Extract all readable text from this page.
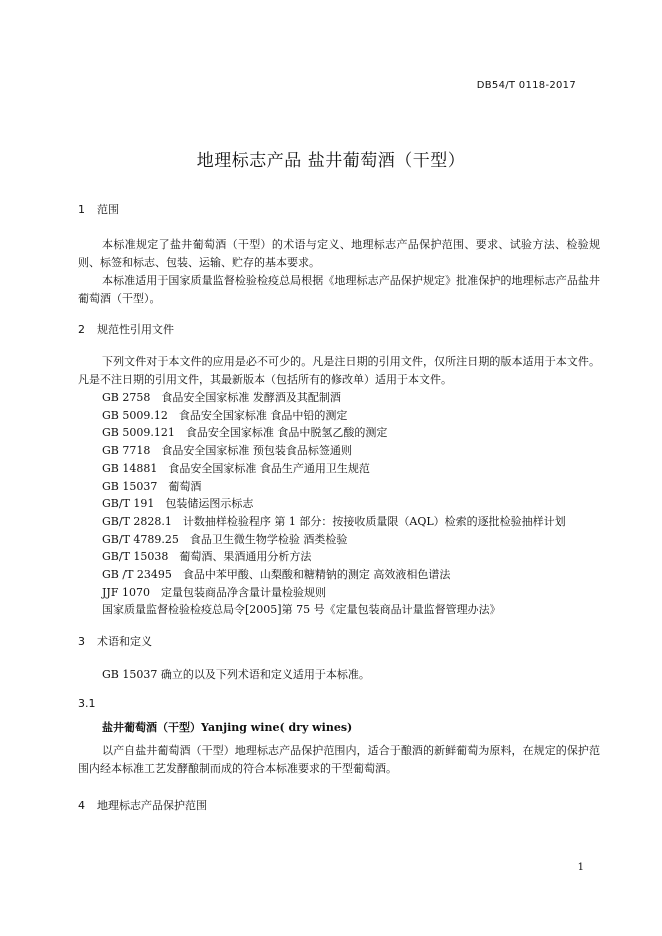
DB54/T 0118-2017
地理标志产品 盐井葡萄酒（干型）
1 范围

本标准规定了盐井葡萄酒（干型）的术语与定义、地理标志产品保护范围、要求、试验方法、检验规则、标签和标志、包装、运输、贮存的基本要求。

本标准适用于国家质量监督检验检疫总局根据《地理标志产品保护规定》批准保护的地理标志产品盐井葡萄酒（干型）。

2 规范性引用文件

下列文件对于本文件的应用是必不可少的。凡是注日期的引用文件，仅所注日期的版本适用于本文件。凡是不注日期的引用文件，其最新版本（包括所有的修改单）适用于本文件。

GB 2758　食品安全国家标准 发酵酒及其配制酒
GB 5009.12　食品安全国家标准 食品中铅的测定
GB 5009.121　食品安全国家标准 食品中脱氢乙酸的测定
GB 7718　食品安全国家标准 预包装食品标签通则
GB 14881　食品安全国家标准 食品生产通用卫生规范
GB 15037　葡萄酒
GB/T 191　包装储运图示标志
GB/T 2828.1　计数抽样检验程序 第 1 部分：按接收质量限（AQL）检索的逐批检验抽样计划
GB/T 4789.25　食品卫生微生物学检验 酒类检验
GB/T 15038　葡萄酒、果酒通用分析方法
GB /T 23495　食品中苯甲酸、山梨酸和糖精钠的测定 高效液相色谱法
JJF 1070　定量包装商品净含量计量检验规则
国家质量监督检验检疫总局令[2005]第 75 号《定量包装商品计量监督管理办法》
3 术语和定义

GB 15037 确立的以及下列术语和定义适用于本标准。

3.1
盐井葡萄酒（干型）Yanjing wine( dry wines)

以产自盐井葡萄酒（干型）地理标志产品保护范围内，适合于酿酒的新鲜葡萄为原料，在规定的保护范围内经本标准工艺发酵酿制而成的符合本标准要求的干型葡萄酒。

4 地理标志产品保护范围
1
